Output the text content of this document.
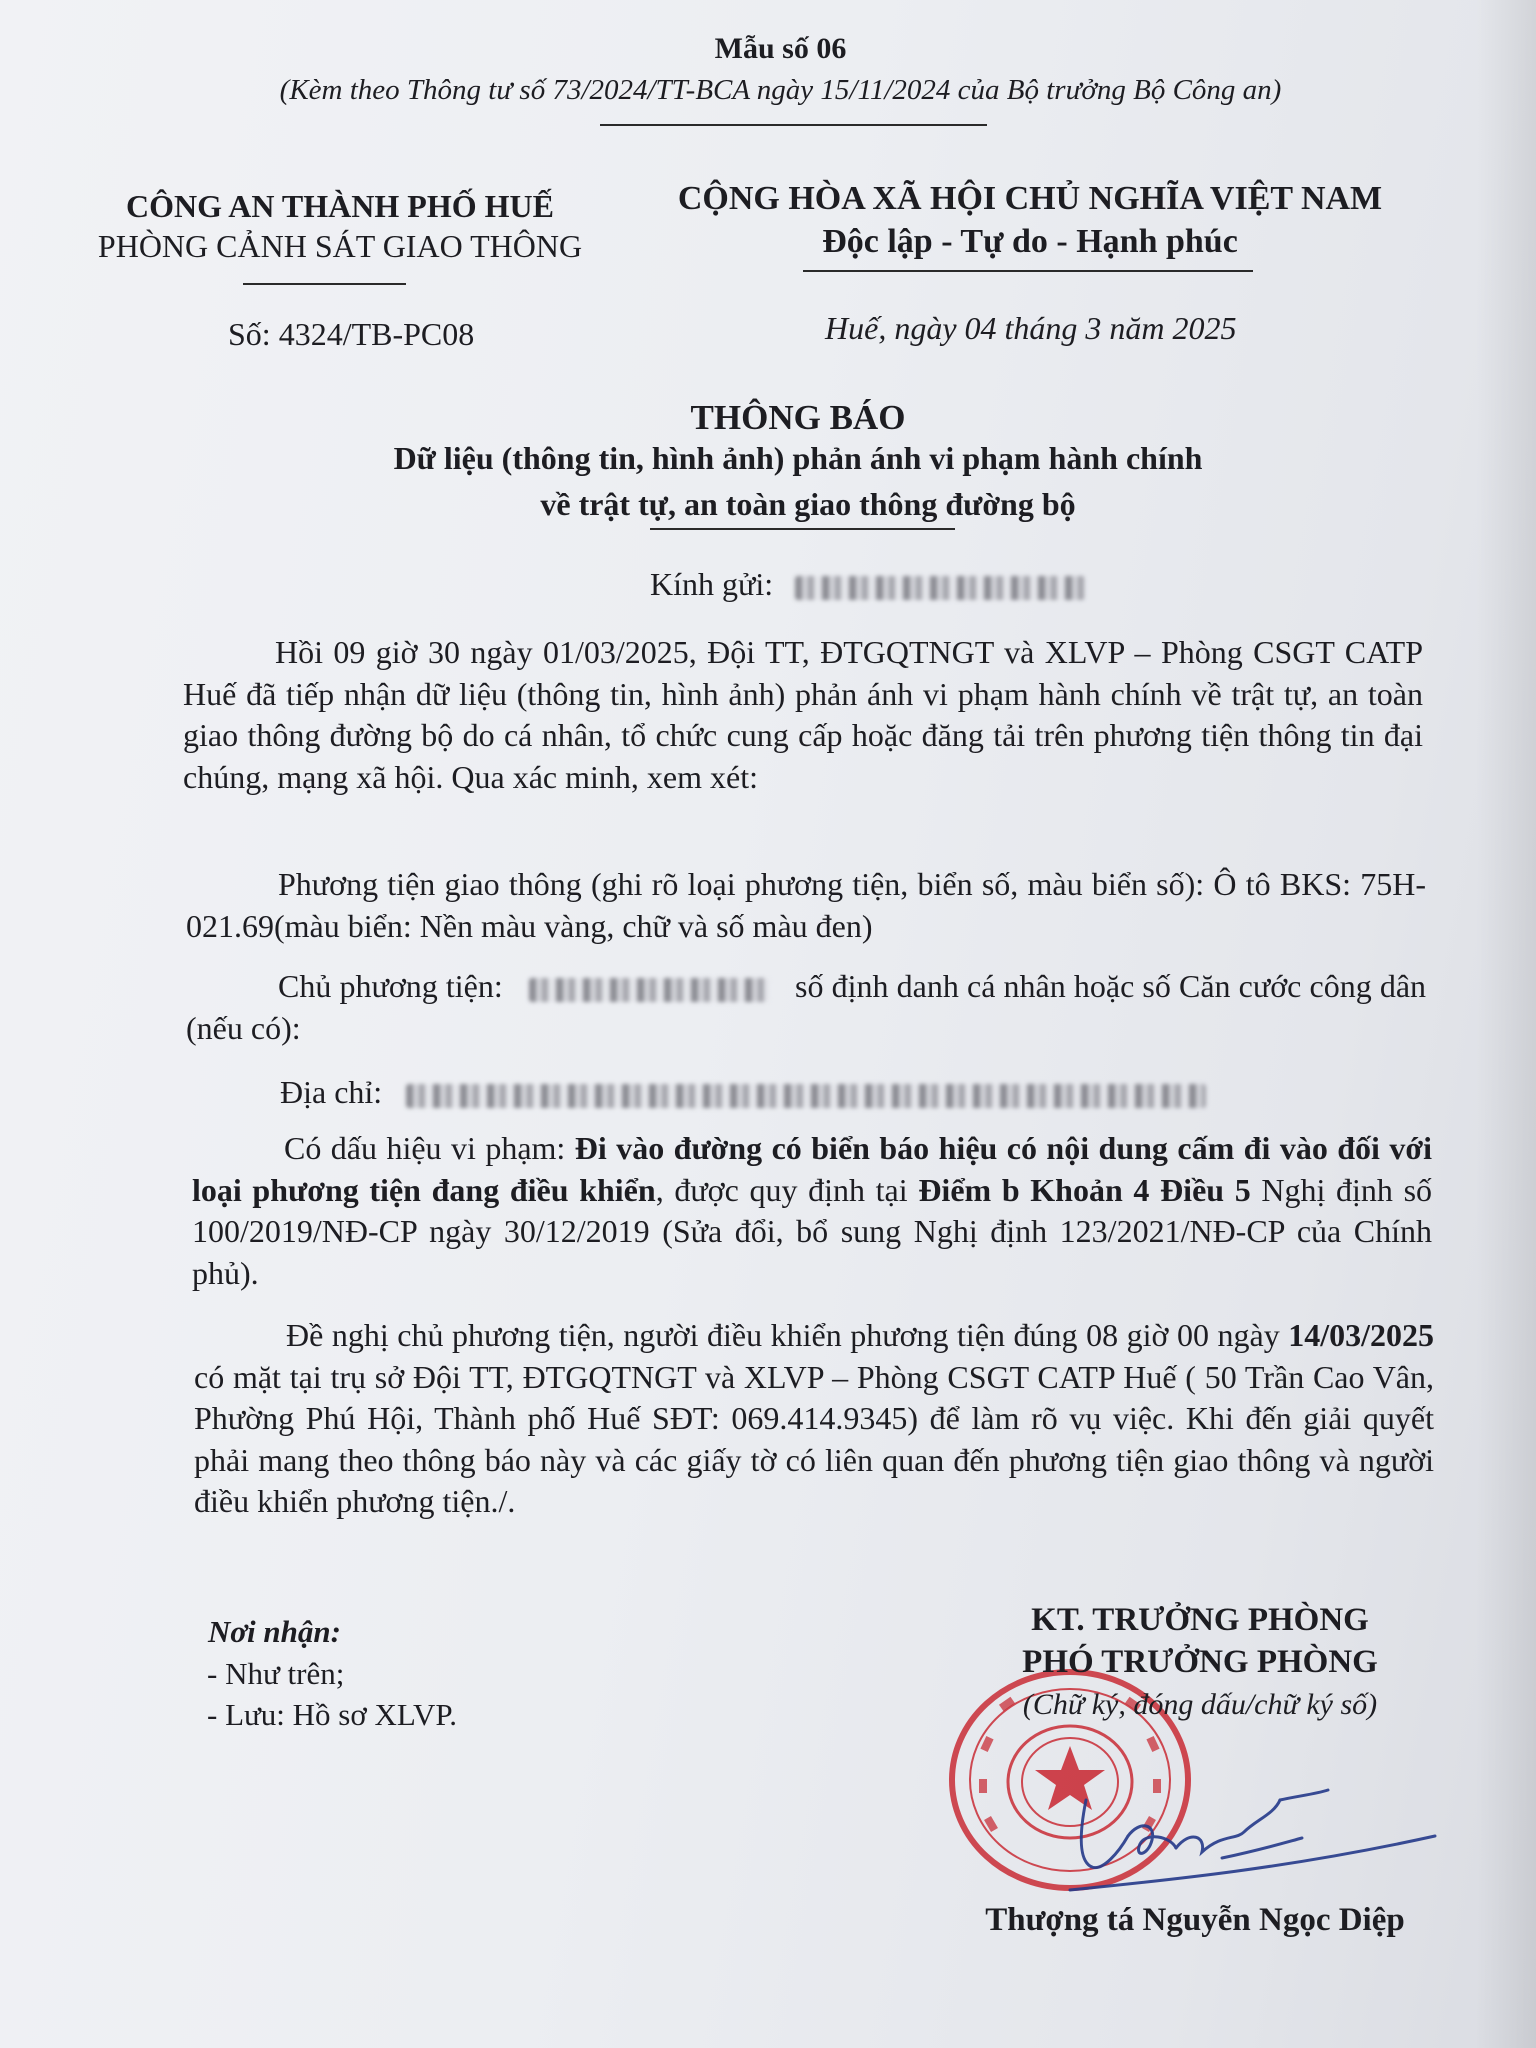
Mẫu số 06
(Kèm theo Thông tư số 73/2024/TT-BCA ngày 15/11/2024 của Bộ trưởng Bộ Công an)
CÔNG AN THÀNH PHỐ HUẾ
PHÒNG CẢNH SÁT GIAO THÔNG
Số: 4324/TB-PC08
CỘNG HÒA XÃ HỘI CHỦ NGHĨA VIỆT NAM
Độc lập - Tự do - Hạnh phúc
Huế, ngày 04 tháng 3 năm 2025
THÔNG BÁO
Dữ liệu (thông tin, hình ảnh) phản ánh vi phạm hành chính
về trật tự, an toàn giao thông đường bộ
Kính gửi:
Hồi 09 giờ 30 ngày 01/03/2025, Đội TT, ĐTGQTNGT và XLVP – Phòng CSGT CATP Huế đã tiếp nhận dữ liệu (thông tin, hình ảnh) phản ánh vi phạm hành chính về trật tự, an toàn giao thông đường bộ do cá nhân, tổ chức cung cấp hoặc đăng tải trên phương tiện thông tin đại chúng, mạng xã hội. Qua xác minh, xem xét:
Phương tiện giao thông (ghi rõ loại phương tiện, biển số, màu biển số): Ô tô BKS: 75H-021.69(màu biển: Nền màu vàng, chữ và số màu đen)
Chủ phương tiện:	số định danh cá nhân hoặc số Căn cước công dân (nếu có):
Địa chỉ:
Có dấu hiệu vi phạm: Đi vào đường có biển báo hiệu có nội dung cấm đi vào đối với loại phương tiện đang điều khiển, được quy định tại Điểm b Khoản 4 Điều 5 Nghị định số 100/2019/NĐ-CP ngày 30/12/2019 (Sửa đổi, bổ sung Nghị định 123/2021/NĐ-CP của Chính phủ).
Đề nghị chủ phương tiện, người điều khiển phương tiện đúng 08 giờ 00 ngày 14/03/2025 có mặt tại trụ sở Đội TT, ĐTGQTNGT và XLVP – Phòng CSGT CATP Huế ( 50 Trần Cao Vân, Phường Phú Hội, Thành phố Huế SĐT: 069.414.9345) để làm rõ vụ việc. Khi đến giải quyết phải mang theo thông báo này và các giấy tờ có liên quan đến phương tiện giao thông và người điều khiển phương tiện./.
Nơi nhận:
- Như trên;
- Lưu: Hồ sơ XLVP.
KT. TRƯỞNG PHÒNG
PHÓ TRƯỞNG PHÒNG
(Chữ ký, đóng dấu/chữ ký số)
Thượng tá Nguyễn Ngọc Diệp
